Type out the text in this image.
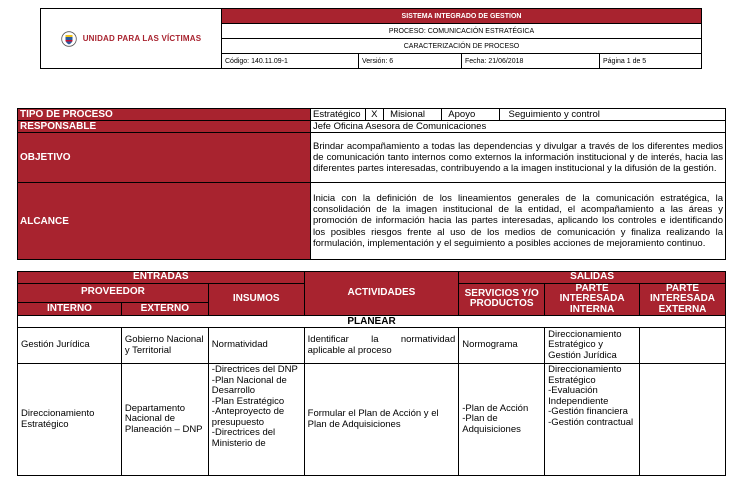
UNIDAD PARA LAS VÍCTIMAS	SISTEMA INTEGRADO DE GESTION			
	PROCESO: COMUNICACIÓN ESTRATÉGICA			
	CARACTERIZACIÓN DE PROCESO			
	Código: 140.11.09-1	Versión: 6	Fecha: 21/06/2018	Página 1 de 5
TIPO DE PROCESO	Estratégico X Misional Apoyo Seguimiento y control
RESPONSABLE	Jefe Oficina Asesora de Comunicaciones
OBJETIVO	Brindar acompañamiento a todas las dependencias y divulgar a través de los diferentes medios de comunicación tanto internos como externos la información institucional y de interés, hacia las diferentes partes interesadas, contribuyendo a la imagen institucional y la difusión de la gestión.
ALCANCE	Inicia con la definición de los lineamientos generales de la comunicación estratégica, la consolidación de la imagen institucional de la entidad, el acompañamiento a las áreas y promoción de información hacia las partes interesadas, aplicando los controles e identificando los posibles riesgos frente al uso de los medios de comunicación y finaliza realizando la formulación, implementación y el seguimiento a posibles acciones de mejoramiento continuo.
ENTRADAS			ACTIVIDADES	SALIDAS		
PROVEEDOR		INSUMOS		SERVICIOS Y/O PRODUCTOS	PARTE INTERESADA INTERNA	PARTE INTERESADA EXTERNA
INTERNO	EXTERNO					
PLANEAR						
Gestión Jurídica	Gobierno Nacional y Territorial	Normatividad	Identificar la normatividad aplicable al proceso	Normograma	Direccionamiento Estratégico y Gestión Jurídica	
Direccionamiento Estratégico	Departamento Nacional de Planeación – DNP	-Directrices del DNP
-Plan Nacional de Desarrollo
-Plan Estratégico
-Anteproyecto de presupuesto
-Directrices del Ministerio de	Formular el Plan de Acción y el Plan de Adquisiciones	-Plan de Acción
-Plan de Adquisiciones	Direccionamiento Estratégico
-Evaluación Independiente
-Gestión financiera
-Gestión contractual	
